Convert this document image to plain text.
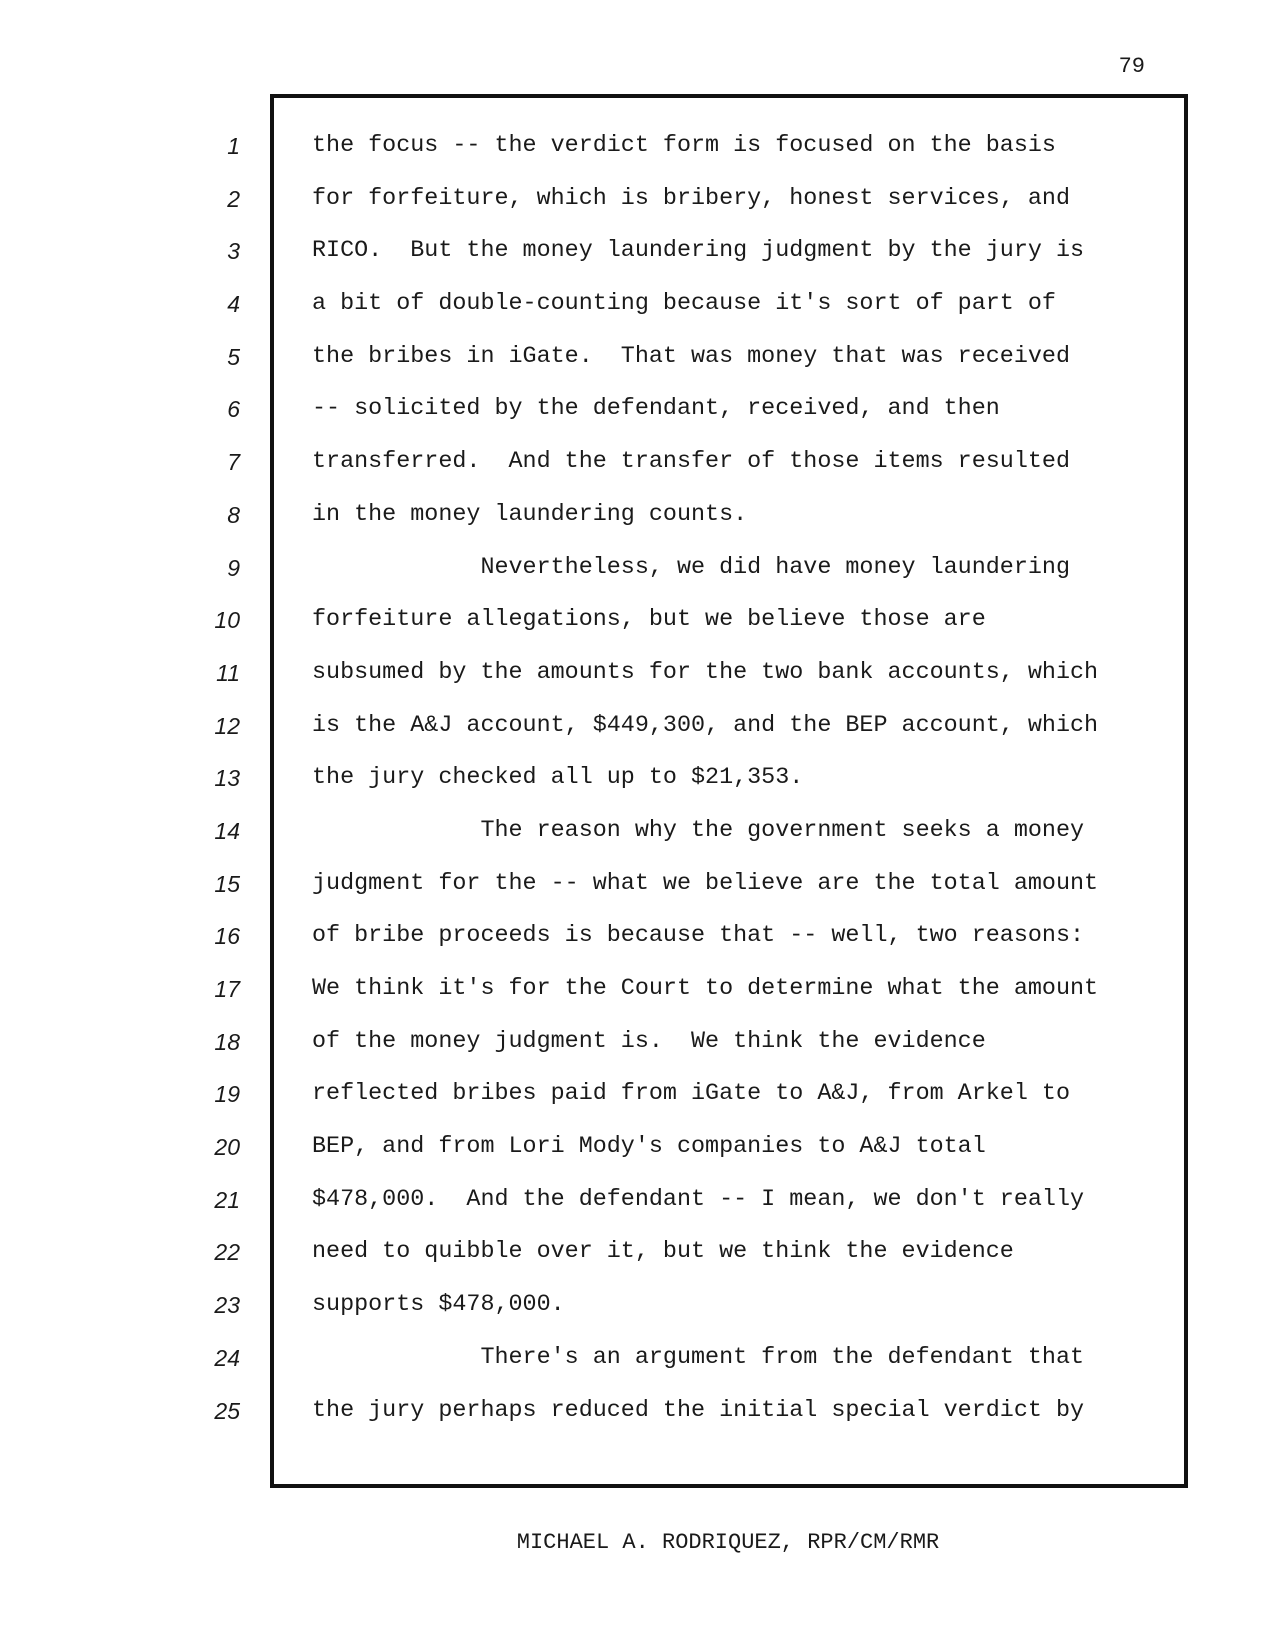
79
1
2
3
4
5
6
7
8
9
10
11
12
13
14
15
16
17
18
19
20
21
22
23
24
25
the focus -- the verdict form is focused on the basis
for forfeiture, which is bribery, honest services, and
RICO.  But the money laundering judgment by the jury is
a bit of double-counting because it's sort of part of
the bribes in iGate.  That was money that was received
-- solicited by the defendant, received, and then
transferred.  And the transfer of those items resulted
in the money laundering counts.
Nevertheless, we did have money laundering
forfeiture allegations, but we believe those are
subsumed by the amounts for the two bank accounts, which
is the A&J account, $449,300, and the BEP account, which
the jury checked all up to $21,353.
The reason why the government seeks a money
judgment for the -- what we believe are the total amount
of bribe proceeds is because that -- well, two reasons:
We think it's for the Court to determine what the amount
of the money judgment is.  We think the evidence
reflected bribes paid from iGate to A&J, from Arkel to
BEP, and from Lori Mody's companies to A&J total
$478,000.  And the defendant -- I mean, we don't really
need to quibble over it, but we think the evidence
supports $478,000.
There's an argument from the defendant that
the jury perhaps reduced the initial special verdict by
MICHAEL A. RODRIQUEZ, RPR/CM/RMR
